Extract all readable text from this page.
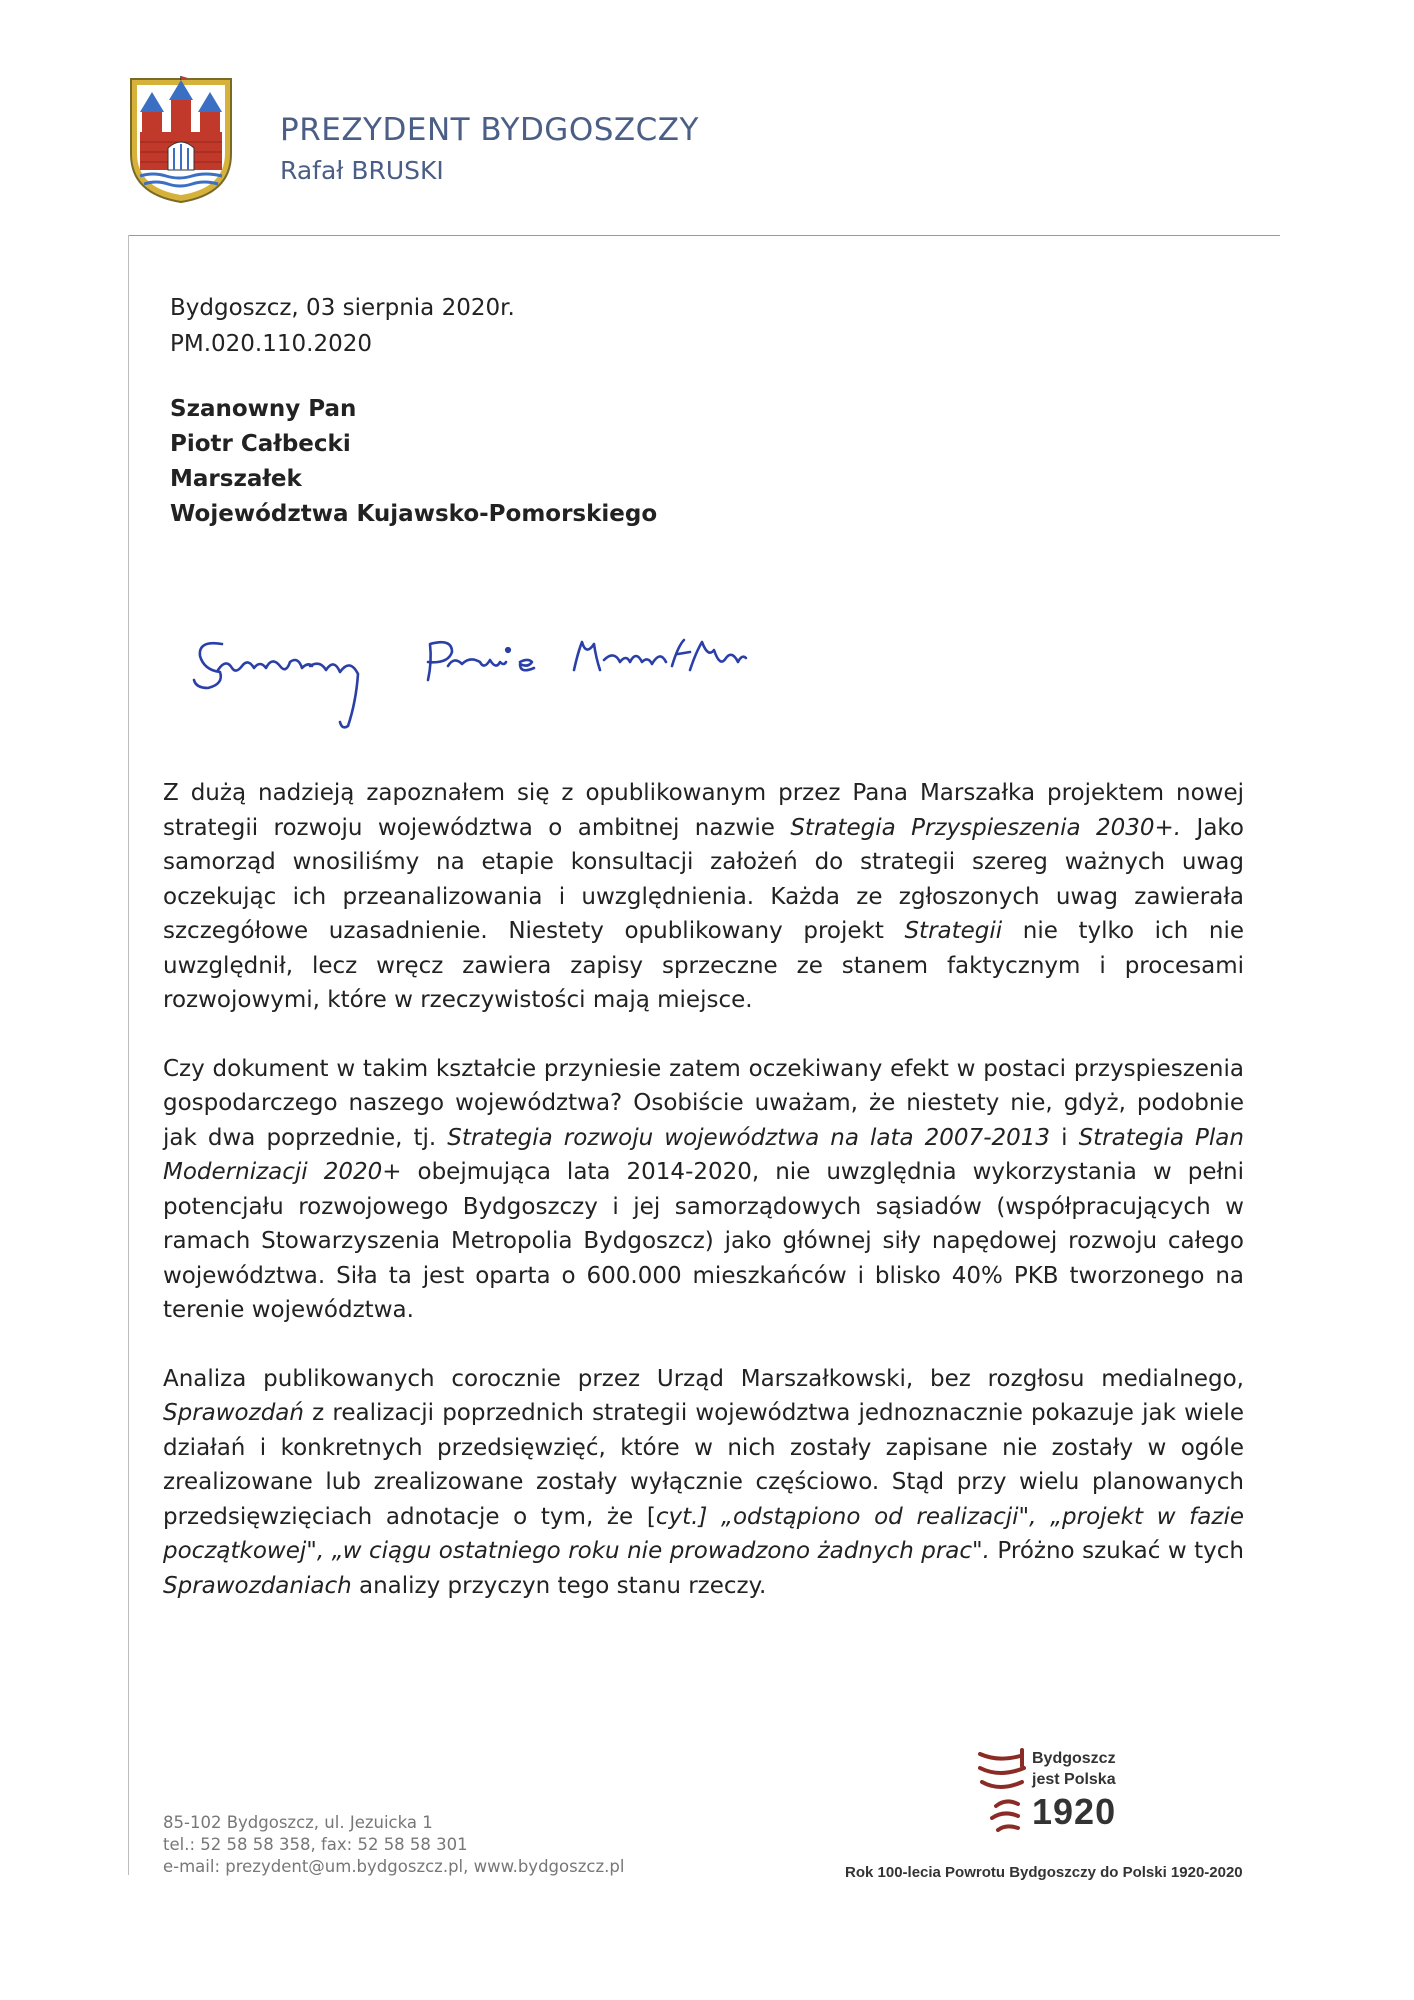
PREZYDENT BYDGOSZCZY
Rafał BRUSKI
Bydgoszcz, 03 sierpnia 2020r.
PM.020.110.2020
Szanowny Pan
Piotr Całbecki
Marszałek
Województwa Kujawsko-Pomorskiego

Z dużą nadzieją zapoznałem się z opublikowanym przez Pana Marszałka projektem nowej strategii rozwoju województwa o ambitnej nazwie Strategia Przyspieszenia 2030+. Jako samorząd wnosiliśmy na etapie konsultacji założeń do strategii szereg ważnych uwag oczekując ich przeanalizowania i uwzględnienia. Każda ze zgłoszonych uwag zawierała szczegółowe uzasadnienie. Niestety opublikowany projekt Strategii nie tylko ich nie uwzględnił, lecz wręcz zawiera zapisy sprzeczne ze stanem faktycznym i procesami rozwojowymi, które w rzeczywistości mają miejsce.

Czy dokument w takim kształcie przyniesie zatem oczekiwany efekt w postaci przyspieszenia gospodarczego naszego województwa? Osobiście uważam, że niestety nie, gdyż, podobnie jak dwa poprzednie, tj. Strategia rozwoju województwa na lata 2007-2013 i Strategia Plan Modernizacji 2020+ obejmująca lata 2014-2020, nie uwzględnia wykorzystania w pełni potencjału rozwojowego Bydgoszczy i jej samorządowych sąsiadów (współpracujących w ramach Stowarzyszenia Metropolia Bydgoszcz) jako głównej siły napędowej rozwoju całego województwa. Siła ta jest oparta o 600.000 mieszkańców i blisko 40% PKB tworzonego na terenie województwa.

Analiza publikowanych corocznie przez Urząd Marszałkowski, bez rozgłosu medialnego, Sprawozdań z realizacji poprzednich strategii województwa jednoznacznie pokazuje jak wiele działań i konkretnych przedsięwzięć, które w nich zostały zapisane nie zostały w ogóle zrealizowane lub zrealizowane zostały wyłącznie częściowo. Stąd przy wielu planowanych przedsięwzięciach adnotacje o tym, że [cyt.] „odstąpiono od realizacji", „projekt w fazie początkowej", „w ciągu ostatniego roku nie prowadzono żadnych prac". Próżno szukać w tych Sprawozdaniach analizy przyczyn tego stanu rzeczy.

85-102 Bydgoszcz, ul. Jezuicka 1
tel.: 52 58 58 358, fax: 52 58 58 301
e-mail: prezydent@um.bydgoszcz.pl, www.bydgoszcz.pl
Bydgoszcz
jest Polska
1920
Rok 100-lecia Powrotu Bydgoszczy do Polski 1920-2020
